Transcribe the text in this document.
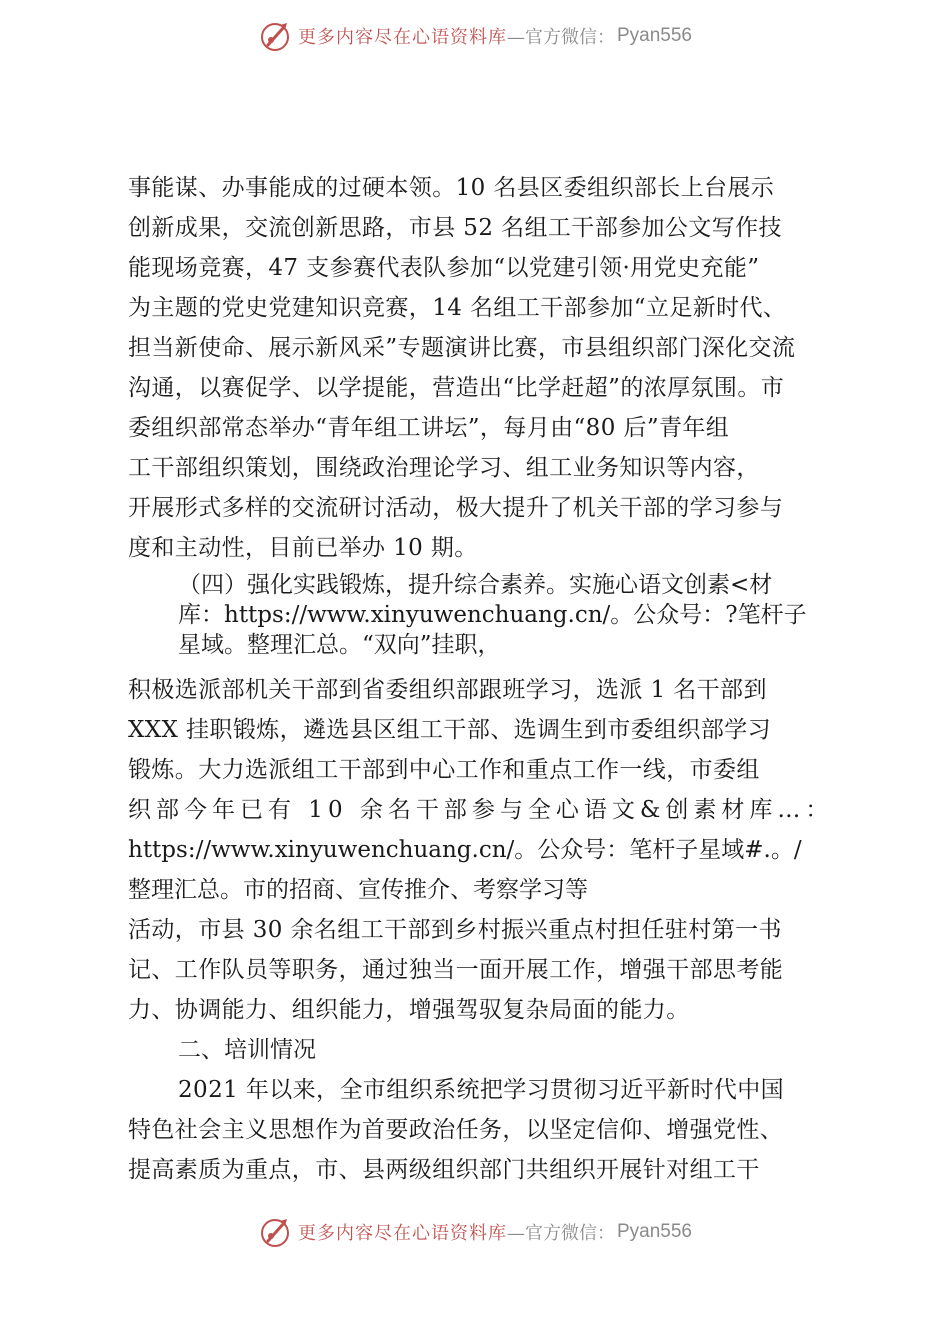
更多内容尽在心语资料库 —官方微信： Pyan556
事能谋、办事能成的过硬本领。10 名县区委组织部长上台展示
创新成果，交流创新思路，市县 52 名组工干部参加公文写作技
能现场竞赛，47 支参赛代表队参加“以党建引领·用党史充能”
为主题的党史党建知识竞赛，14 名组工干部参加“立足新时代、
担当新使命、展示新风采”专题演讲比赛，市县组织部门深化交流
沟通，以赛促学、以学提能，营造出“比学赶超”的浓厚氛围。市
委组织部常态举办“青年组工讲坛”，每月由“80 后”青年组
工干部组织策划，围绕政治理论学习、组工业务知识等内容，
开展形式多样的交流研讨活动，极大提升了机关干部的学习参与
度和主动性，目前已举办 10 期。
（四）强化实践锻炼，提升综合素养。实施心语文创素<材
库：https://www.xinyuwenchuang.cn/。公众号：?笔杆子
星域。整理汇总。“双向”挂职，
积极选派部机关干部到省委组织部跟班学习，选派 1 名干部到
XXX 挂职锻炼，遴选县区组工干部、选调生到市委组织部学习
锻炼。大力选派组工干部到中心工作和重点工作一线，市委组
织部今年已有 10 余名干部参与全心语文&创素材库…：
https://www.xinyuwenchuang.cn/。公众号：笔杆子星域#.。/
整理汇总。市的招商、宣传推介、考察学习等
活动，市县 30 余名组工干部到乡村振兴重点村担任驻村第一书
记、工作队员等职务，通过独当一面开展工作，增强干部思考能
力、协调能力、组织能力，增强驾驭复杂局面的能力。
二、培训情况
2021 年以来，全市组织系统把学习贯彻习近平新时代中国
特色社会主义思想作为首要政治任务，以坚定信仰、增强党性、
提高素质为重点，市、县两级组织部门共组织开展针对组工干
更多内容尽在心语资料库 —官方微信： Pyan556
